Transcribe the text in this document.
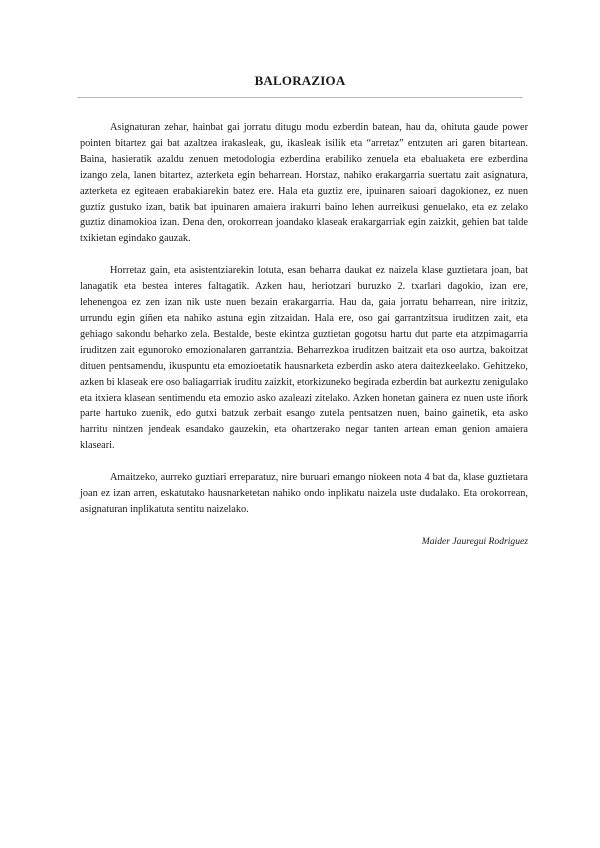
BALORAZIOA

Asignaturan zehar, hainbat gai jorratu ditugu modu ezberdin batean, hau da, ohituta gaude power pointen bitartez gai bat azaltzea irakasleak, gu, ikasleak isilik eta “arretaz” entzuten ari garen bitartean. Baina, hasieratik azaldu zenuen metodologia ezberdina erabiliko zenuela eta ebaluaketa ere ezberdina izango zela, lanen bitartez, azterketa egin beharrean. Horstaz, nahiko erakargarria suertatu zait asignatura, azterketa ez egiteaen erabakiarekin batez ere. Hala eta guztiz ere, ipuinaren saioari dagokionez, ez nuen guztiz gustuko izan, batik bat ipuinaren amaiera irakurri baino lehen aurreikusi genuelako, eta ez zelako guztiz dinamokioa izan. Dena den, orokorrean joandako klaseak erakargarriak egin zaizkit, gehien bat talde txikietan egindako gauzak.

Horretaz gain, eta asistentziarekin lotuta, esan beharra daukat ez naizela klase guztietara joan, bat lanagatik eta bestea interes faltagatik. Azken hau, heriotzari buruzko 2. txarlari dagokio, izan ere, lehenengoa ez zen izan nik uste nuen bezain erakargarria. Hau da, gaia jorratu beharrean, nire iritziz, urrundu egin giñen eta nahiko astuna egin zitzaidan. Hala ere, oso gai garrantzitsua iruditzen zait, eta gehiago sakondu beharko zela. Bestalde, beste ekintza guztietan gogotsu hartu dut parte eta atzpimagarria iruditzen zait egunoroko emozionalaren garrantzia. Beharrezkoa iruditzen baitzait eta oso aurtza, bakoitzat dituen pentsamendu, ikuspuntu eta emozioetatik hausnarketa ezberdin asko atera daitezkeelako. Gehitzeko, azken bi klaseak ere oso baliagarriak iruditu zaizkit, etorkizuneko begirada ezberdin bat aurkeztu zenigulako eta itxiera klasean sentimendu eta emozio asko azaleazi zitelako. Azken honetan gainera ez nuen uste iñork parte hartuko zuenik, edo gutxi batzuk zerbait esango zutela pentsatzen nuen, baino gainetik, eta asko harritu nintzen jendeak esandako gauzekin, eta ohartzerako negar tanten artean eman genion amaiera klaseari.

Amaitzeko, aurreko guztiari erreparatuz, nire buruari emango niokeen nota 4 bat da, klase guztietara joan ez izan arren, eskatutako hausnarketetan nahiko ondo inplikatu naizela uste dudalako. Eta orokorrean, asignaturan inplikatuta sentitu naizelako.

Maider Jauregui Rodriguez
